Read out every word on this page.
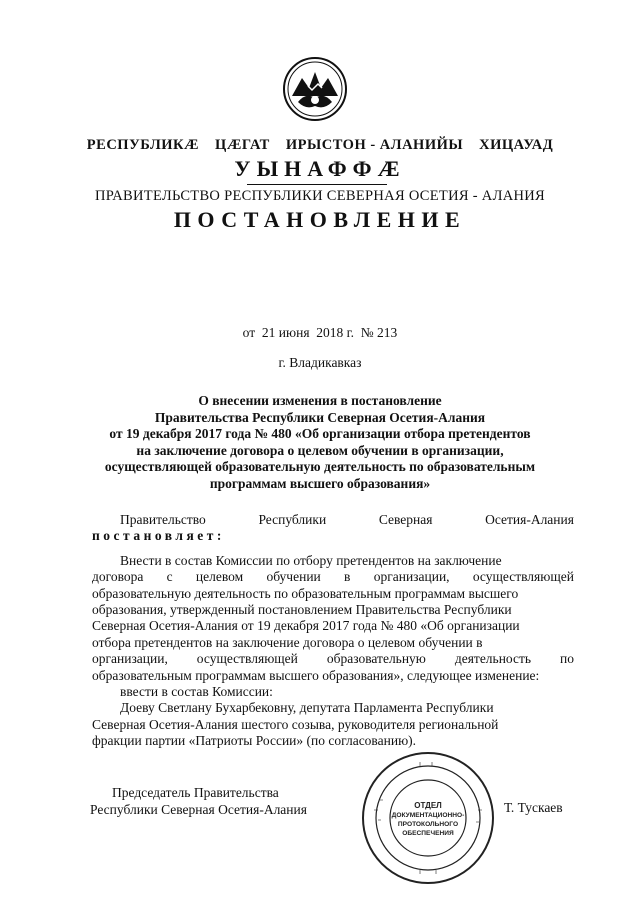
РЕСПУБЛИКÆ ЦÆГАТ ИРЫСТОН - АЛАНИЙЫ ХИЦАУАД
УЫНАФФÆ
ПРАВИТЕЛЬСТВО РЕСПУБЛИКИ СЕВЕРНАЯ ОСЕТИЯ - АЛАНИЯ
ПОСТАНОВЛЕНИЕ
от 21 июня  2018 г. № 213
г. Владикавказ
О внесении изменения в постановление
Правительства Республики Северная Осетия-Алания
от 19 декабря 2017 года № 480 «Об организации отбора претендентов
на заключение договора о целевом обучении в организации,
осуществляющей образовательную деятельность по образовательным
программам высшего образования»
Правительство	Республики	Северная	Осетия-Алания
постановляет:
Внести в состав Комиссии по отбору претендентов на заключение
договора с целевом обучении в организации, осуществляющей
образовательную деятельность по образовательным программам высшего
образования, утвержденный постановлением Правительства Республики
Северная Осетия-Алания от 19 декабря 2017 года № 480 «Об организации
отбора претендентов на заключение договора о целевом обучении в
организации, осуществляющей образовательную деятельность по
образовательным программам высшего образования», следующее изменение:
ввести в состав Комиссии:
Доеву Светлану Бухарбековну, депутата Парламента Республики
Северная Осетия-Алания шестого созыва, руководителя региональной
фракции партии «Патриоты России» (по согласованию).
ОТДЕЛ
ДОКУМЕНТАЦИОННО-
ПРОТОКОЛЬНОГО
ОБЕСПЕЧЕНИЯ
Председатель Правительства
Республики Северная Осетия-Алания	Т. Тускаев
